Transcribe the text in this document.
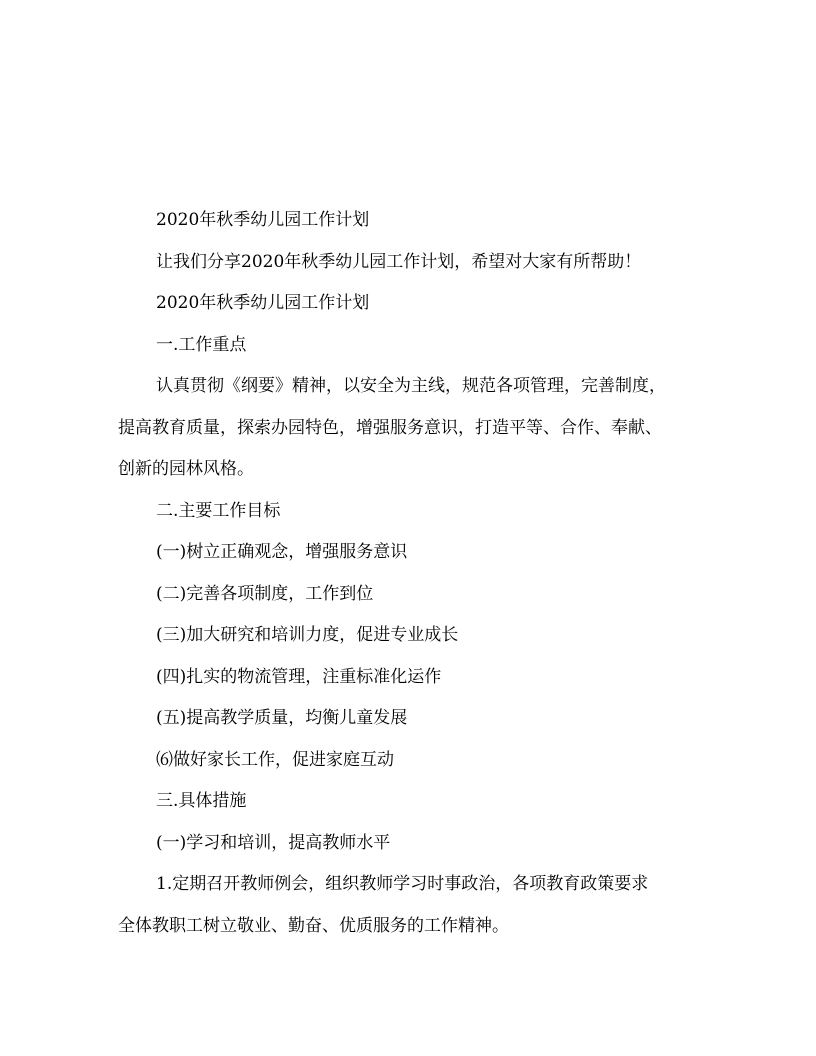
2020年秋季幼儿园工作计划

让我们分享2020年秋季幼儿园工作计划，希望对大家有所帮助！

2020年秋季幼儿园工作计划

一.工作重点

认真贯彻《纲要》精神，以安全为主线，规范各项管理，完善制度，
提高教育质量，探索办园特色，增强服务意识，打造平等、合作、奉献、
创新的园林风格。

二.主要工作目标

(一)树立正确观念，增强服务意识

(二)完善各项制度，工作到位

(三)加大研究和培训力度，促进专业成长

(四)扎实的物流管理，注重标准化运作

(五)提高教学质量，均衡儿童发展

⑹做好家长工作，促进家庭互动

三.具体措施

(一)学习和培训，提高教师水平

1.定期召开教师例会，组织教师学习时事政治，各项教育政策要求
全体教职工树立敬业、勤奋、优质服务的工作精神。
